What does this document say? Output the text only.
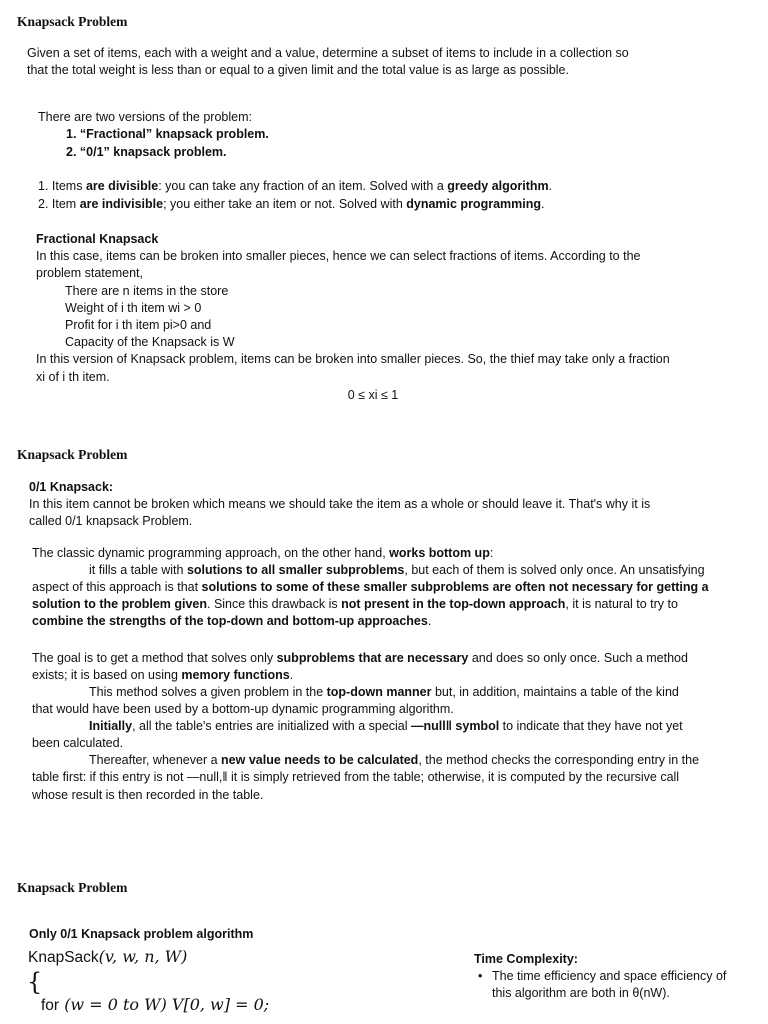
Knapsack Problem
Given a set of items, each with a weight and a value, determine a subset of items to include in a collection so
that the total weight is less than or equal to a given limit and the total value is as large as possible.
There are two versions of the problem:
1. “Fractional” knapsack problem.
2. “0/1” knapsack problem.
1. Items are divisible: you can take any fraction of an item. Solved with a greedy algorithm.
2. Item are indivisible; you either take an item or not. Solved with dynamic programming.
Fractional Knapsack
In this case, items can be broken into smaller pieces, hence we can select fractions of items. According to the
problem statement,
There are n items in the store
Weight of i th item wi > 0
Profit for i th item pi>0 and
Capacity of the Knapsack is W
In this version of Knapsack problem, items can be broken into smaller pieces. So, the thief may take only a fraction
xi of i th item.
0 ≤ xi ≤ 1
Knapsack Problem
0/1 Knapsack:
In this item cannot be broken which means we should take the item as a whole or should leave it. That's why it is
called 0/1 knapsack Problem.
The classic dynamic programming approach, on the other hand, works bottom up:
it fills a table with solutions to all smaller subproblems, but each of them is solved only once. An unsatisfying
aspect of this approach is that solutions to some of these smaller subproblems are often not necessary for getting a
solution to the problem given. Since this drawback is not present in the top-down approach, it is natural to try to
combine the strengths of the top-down and bottom-up approaches.
The goal is to get a method that solves only subproblems that are necessary and does so only once. Such a method
exists; it is based on using memory functions.
This method solves a given problem in the top-down manner but, in addition, maintains a table of the kind
that would have been used by a bottom-up dynamic programming algorithm.
Initially, all the table's entries are initialized with a special ―null‖ symbol to indicate that they have not yet
been calculated.
Thereafter, whenever a new value needs to be calculated, the method checks the corresponding entry in the
table first: if this entry is not ―null,‖ it is simply retrieved from the table; otherwise, it is computed by the recursive call
whose result is then recorded in the table.
Knapsack Problem
Only 0/1 Knapsack problem algorithm
KnapSack(v, w, n, W)
{
for (w = 0 to W) V[0, w] = 0;
Time Complexity:
• The time efficiency and space efficiency of
this algorithm are both in θ(nW).
